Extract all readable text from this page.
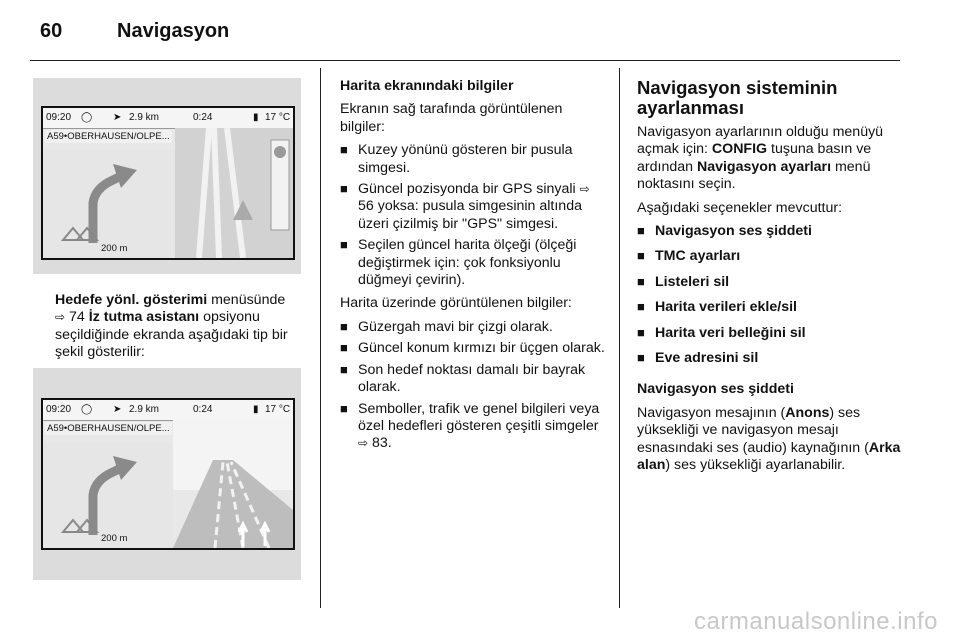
60	Navigasyon
09:20 ◯ ➤ 2.9 km	0:24	▮ 17 °C
A59•OBERHAUSEN/OLPE...
200 m

Hedefe yönl. gösterimi menüsünde
⇨ 74 İz tutma asistanı opsiyonu seçildiğinde ekranda aşağıdaki tip bir şekil gösterilir:

09:20 ◯ ➤ 2.9 km	0:24	▮ 17 °C
A59•OBERHAUSEN/OLPE...
200 m

Harita ekranındaki bilgiler

Ekranın sağ tarafında görüntülenen bilgiler:

■ Kuzey yönünü gösteren bir pusula simgesi.
■ Güncel pozisyonda bir GPS sinyali ⇨ 56 yoksa: pusula simgesinin altında üzeri çizilmiş bir "GPS" simgesi.
■ Seçilen güncel harita ölçeği (ölçeği değiştirmek için: çok fonksiyonlu düğmeyi çevirin).

Harita üzerinde görüntülenen bilgiler:

■ Güzergah mavi bir çizgi olarak.
■ Güncel konum kırmızı bir üçgen olarak.
■ Son hedef noktası damalı bir bayrak olarak.
■ Semboller, trafik ve genel bilgileri veya özel hedefleri gösteren çeşitli simgeler ⇨ 83.

Navigasyon sisteminin ayarlanması

Navigasyon ayarlarının olduğu menüyü açmak için: CONFIG tuşuna basın ve ardından Navigasyon ayarları menü noktasını seçin.

Aşağıdaki seçenekler mevcuttur:

■ Navigasyon ses şiddeti
■ TMC ayarları
■ Listeleri sil
■ Harita verileri ekle/sil
■ Harita veri belleğini sil
■ Eve adresini sil

Navigasyon ses şiddeti

Navigasyon mesajının (Anons) ses yüksekliği ve navigasyon mesajı esnasındaki ses (audio) kaynağının (Arka alan) ses yüksekliği ayarlanabilir.

carmanualsonline.info
